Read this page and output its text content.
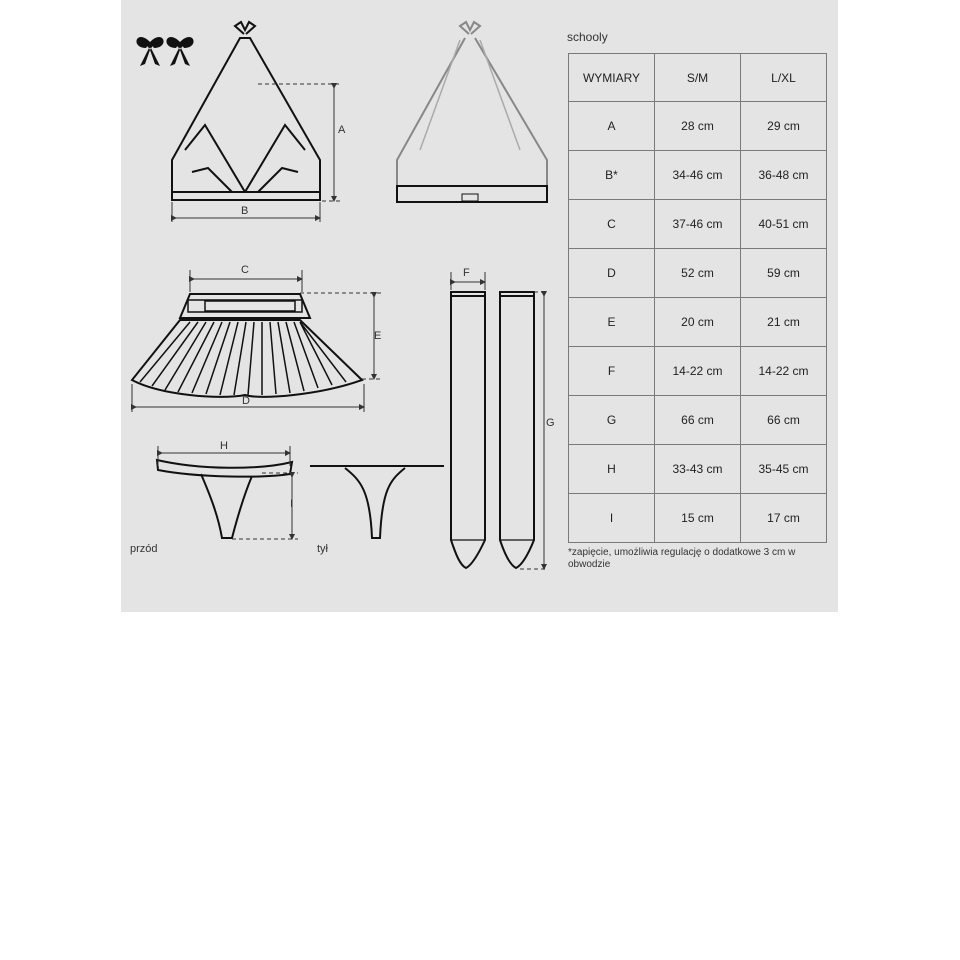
A
B
C
E
D
F
G
H
I
przód	tył
schooly
WYMIARY	S/M	L/XL
A	28 cm	29 cm
B*	34-46 cm	36-48 cm
C	37-46 cm	40-51 cm
D	52 cm	59 cm
E	20 cm	21 cm
F	14-22 cm	14-22 cm
G	66 cm	66 cm
H	33-43 cm	35-45 cm
I	15 cm	17 cm
*zapięcie, umożliwia regulację o dodatkowe 3 cm w obwodzie
